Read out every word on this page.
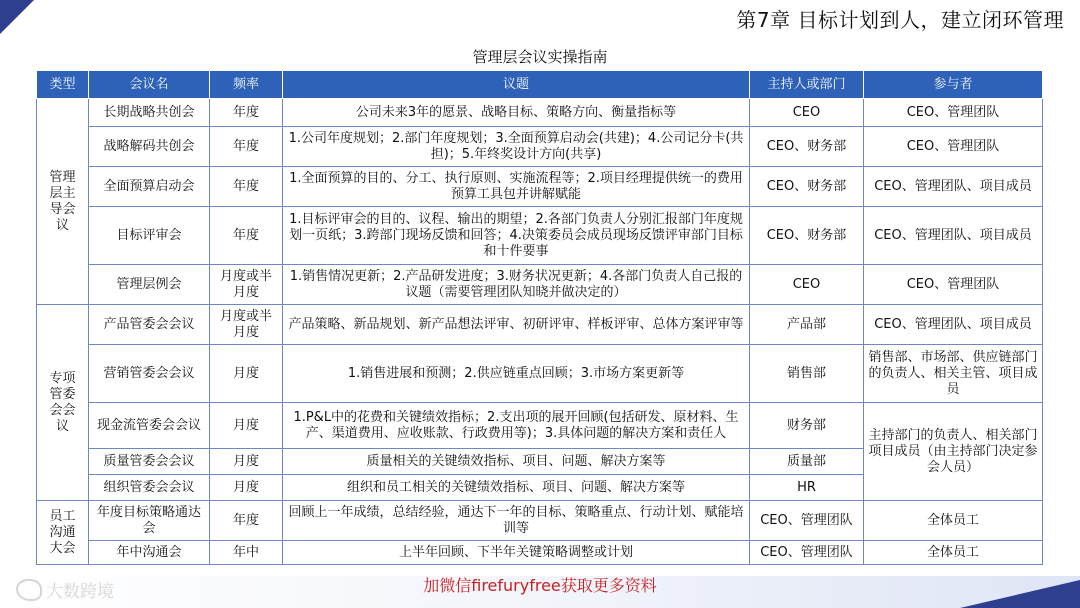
第7章 目标计划到人，建立闭环管理
管理层会议实操指南
类型	会议名	频率	议题	主持人或部门	参与者

管理层主导会议	长期战略共创会	年度	公司未来3年的愿景、战略目标、策略方向、衡量指标等	CEO	CEO、管理团队
	战略解码共创会	年度	1.公司年度规划；2.部门年度规划；3.全面预算启动会(共建)；4.公司记分卡(共担)；5.年终奖设计方向(共享)	CEO、财务部	CEO、管理团队
	全面预算启动会	年度	1.全面预算的目的、分工、执行原则、实施流程等；2.项目经理提供统一的费用预算工具包并讲解赋能	CEO、财务部	CEO、管理团队、项目成员
	目标评审会	年度	1.目标评审会的目的、议程、输出的期望；2.各部门负责人分别汇报部门年度规划一页纸；3.跨部门现场反馈和回答；4.决策委员会成员现场反馈评审部门目标和十件要事	CEO、财务部	CEO、管理团队、项目成员
	管理层例会	月度或半月度	1.销售情况更新；2.产品研发进度；3.财务状况更新；4.各部门负责人自己报的议题（需要管理团队知晓并做决定的）	CEO	CEO、管理团队

专项管委会会议	产品管委会会议	月度或半月度	产品策略、新品规划、新产品想法评审、初研评审、样板评审、总体方案评审等	产品部	CEO、管理团队、项目成员
	营销管委会会议	月度	1.销售进展和预测；2.供应链重点回顾；3.市场方案更新等	销售部	销售部、市场部、供应链部门的负责人、相关主管、项目成员
	现金流管委会会议	月度	1.P&L中的花费和关键绩效指标；2.支出项的展开回顾(包括研发、原材料、生产、渠道费用、应收账款、行政费用等)；3.具体问题的解决方案和责任人	财务部	主持部门的负责人、相关部门项目成员（由主持部门决定参会人员）
	质量管委会会议	月度	质量相关的关键绩效指标、项目、问题、解决方案等	质量部	
	组织管委会会议	月度	组织和员工相关的关键绩效指标、项目、问题、解决方案等	HR	

员工沟通大会	年度目标策略通达会	年度	回顾上一年成绩，总结经验，通达下一年的目标、策略重点、行动计划、赋能培训等	CEO、管理团队	全体员工
	年中沟通会	年中	上半年回顾、下半年关键策略调整或计划	CEO、管理团队	全体员工
加微信firefuryfree获取更多资料
大数跨境
